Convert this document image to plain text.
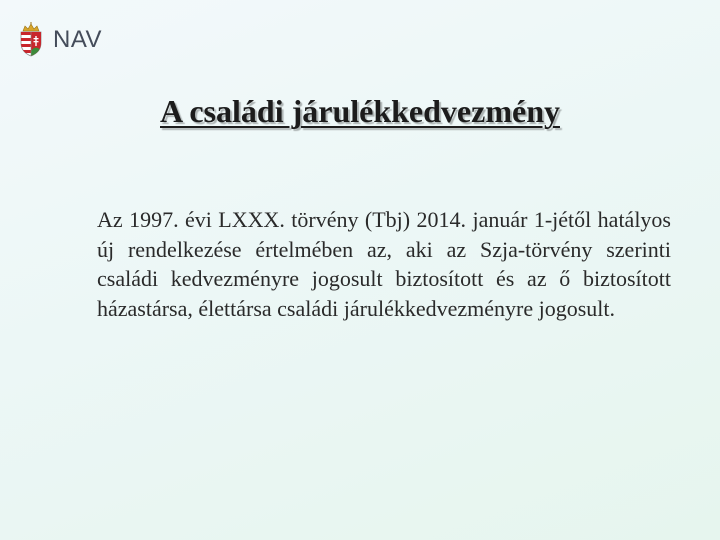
NAV
A családi járulékkedvezmény

Az 1997. évi LXXX. törvény (Tbj) 2014. január 1-jétől hatályos új rendelkezése értelmében az, aki az Szja-törvény szerinti családi kedvezményre jogosult biztosított és az ő biztosított házastársa, élettársa családi járulékkedvezményre jogosult.
